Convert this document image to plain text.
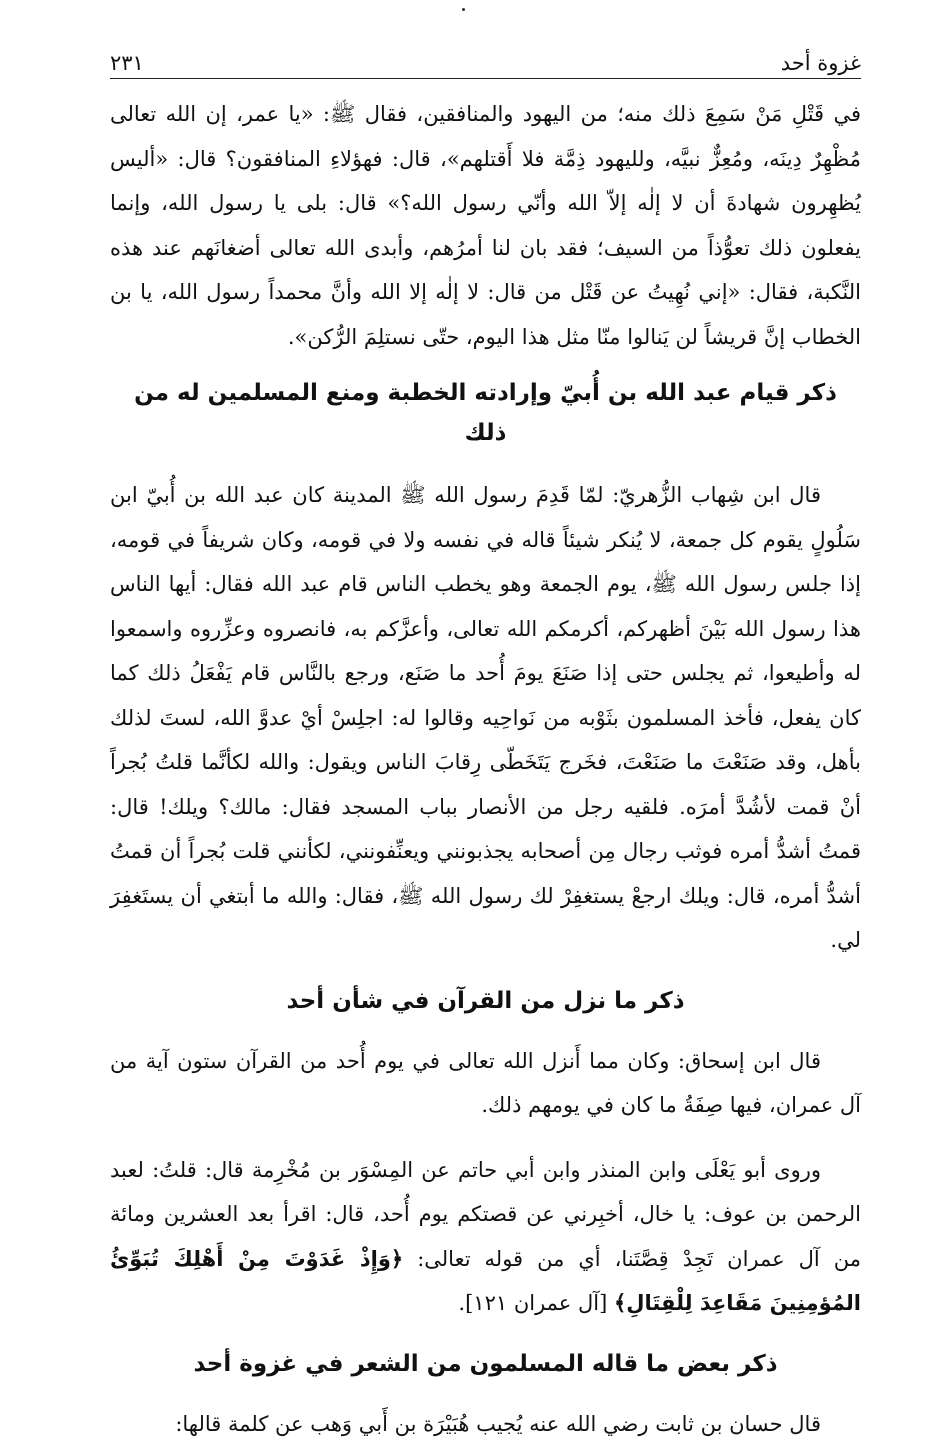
غزوة أحد
٢٣١

في قَتْلِ مَنْ سَمِعَ ذلك منه؛ من اليهود والمنافقين، فقال ﷺ: «يا عمر، إن الله تعالى مُظْهِرٌ دِينَه، ومُعِزٌّ نبيَّه، ولليهود ذِمَّة فلا أَقتلهم»، قال: فهؤلاءِ المنافقون؟ قال: «أليس يُظهِرون شهادةَ أن لا إلٰه إلاّ الله وأنّي رسول الله؟» قال: بلى يا رسول الله، وإنما يفعلون ذلك تعوُّذاً من السيف؛ فقد بان لنا أمرُهم، وأبدى الله تعالى أضغانَهم عند هذه النَّكبة، فقال: «إني نُهِيتُ عن قَتْل من قال: لا إلٰه إلا الله وأنَّ محمداً رسول الله، يا بن الخطاب إنَّ قريشاً لن يَنالوا منّا مثل هذا اليوم، حتّى نستلِمَ الرُّكن».

ذكر قيام عبد الله بن أُبيّ وإرادته الخطبة ومنع المسلمين له من ذلك

قال ابن شِهاب الزُّهريّ: لمّا قَدِمَ رسول الله ﷺ المدينة كان عبد الله بن أُبيّ ابن سَلُولٍ يقوم كل جمعة، لا يُنكر شيئاً قاله في نفسه ولا في قومه، وكان شريفاً في قومه، إذا جلس رسول الله ﷺ، يوم الجمعة وهو يخطب الناس قام عبد الله فقال: أيها الناس هذا رسول الله بَيْنَ أظهركم، أكرمكم الله تعالى، وأعزَّكم به، فانصروه وعزِّروه واسمعوا له وأطيعوا، ثم يجلس حتى إذا صَنَعَ يومَ أُحد ما صَنَع، ورجع بالنَّاس قام يَفْعَلُ ذلك كما كان يفعل، فأخذ المسلمون بثَوْبه من نَواحِيه وقالوا له: اجلِسْ أيْ عدوَّ الله، لستَ لذلك بأهل، وقد صَنَعْتَ ما صَنَعْتَ، فخَرج يَتَخَطّى رِقابَ الناس ويقول: والله لكأنَّما قلتُ بُجراً أنْ قمت لأشُدَّ أمرَه. فلقيه رجل من الأنصار بباب المسجد فقال: مالك؟ ويلك! قال: قمتُ أشدُّ أمره فوثب رجال مِن أصحابه يجذبونني ويعنِّفونني، لكأنني قلت بُجراً أن قمتُ أشدُّ أمره، قال: ويلك ارجعْ يستغفِرْ لك رسول الله ﷺ، فقال: والله ما أبتغي أن يستَغفِرَ لي.

ذكر ما نزل من القرآن في شأن أحد

قال ابن إسحاق: وكان مما أَنزل الله تعالى في يوم أُحد من القرآن ستون آية من آل عمران، فيها صِفَةُ ما كان في يومهم ذلك.

وروى أبو يَعْلَى وابن المنذر وابن أبي حاتم عن المِسْوَر بن مُخْرِمة قال: قلتُ: لعبد الرحمن بن عوف: يا خال، أخبِرني عن قصتكم يوم أُحد، قال: اقرأ بعد العشرين ومائة من آل عمران تَجِدْ قِصَّتَنا، أي من قوله تعالى: ﴿وَإِذْ غَدَوْتَ مِنْ أَهْلِكَ تُبَوِّئُ المُؤمِنِينَ مَقَاعِدَ لِلْقِتَالِ﴾ [آل عمران ١٢١].

ذكر بعض ما قاله المسلمون من الشعر في غزوة أحد

قال حسان بن ثابت رضي الله عنه يُجيب هُبَيْرَة بن أَبي وَهب عن كلمة قالها:
